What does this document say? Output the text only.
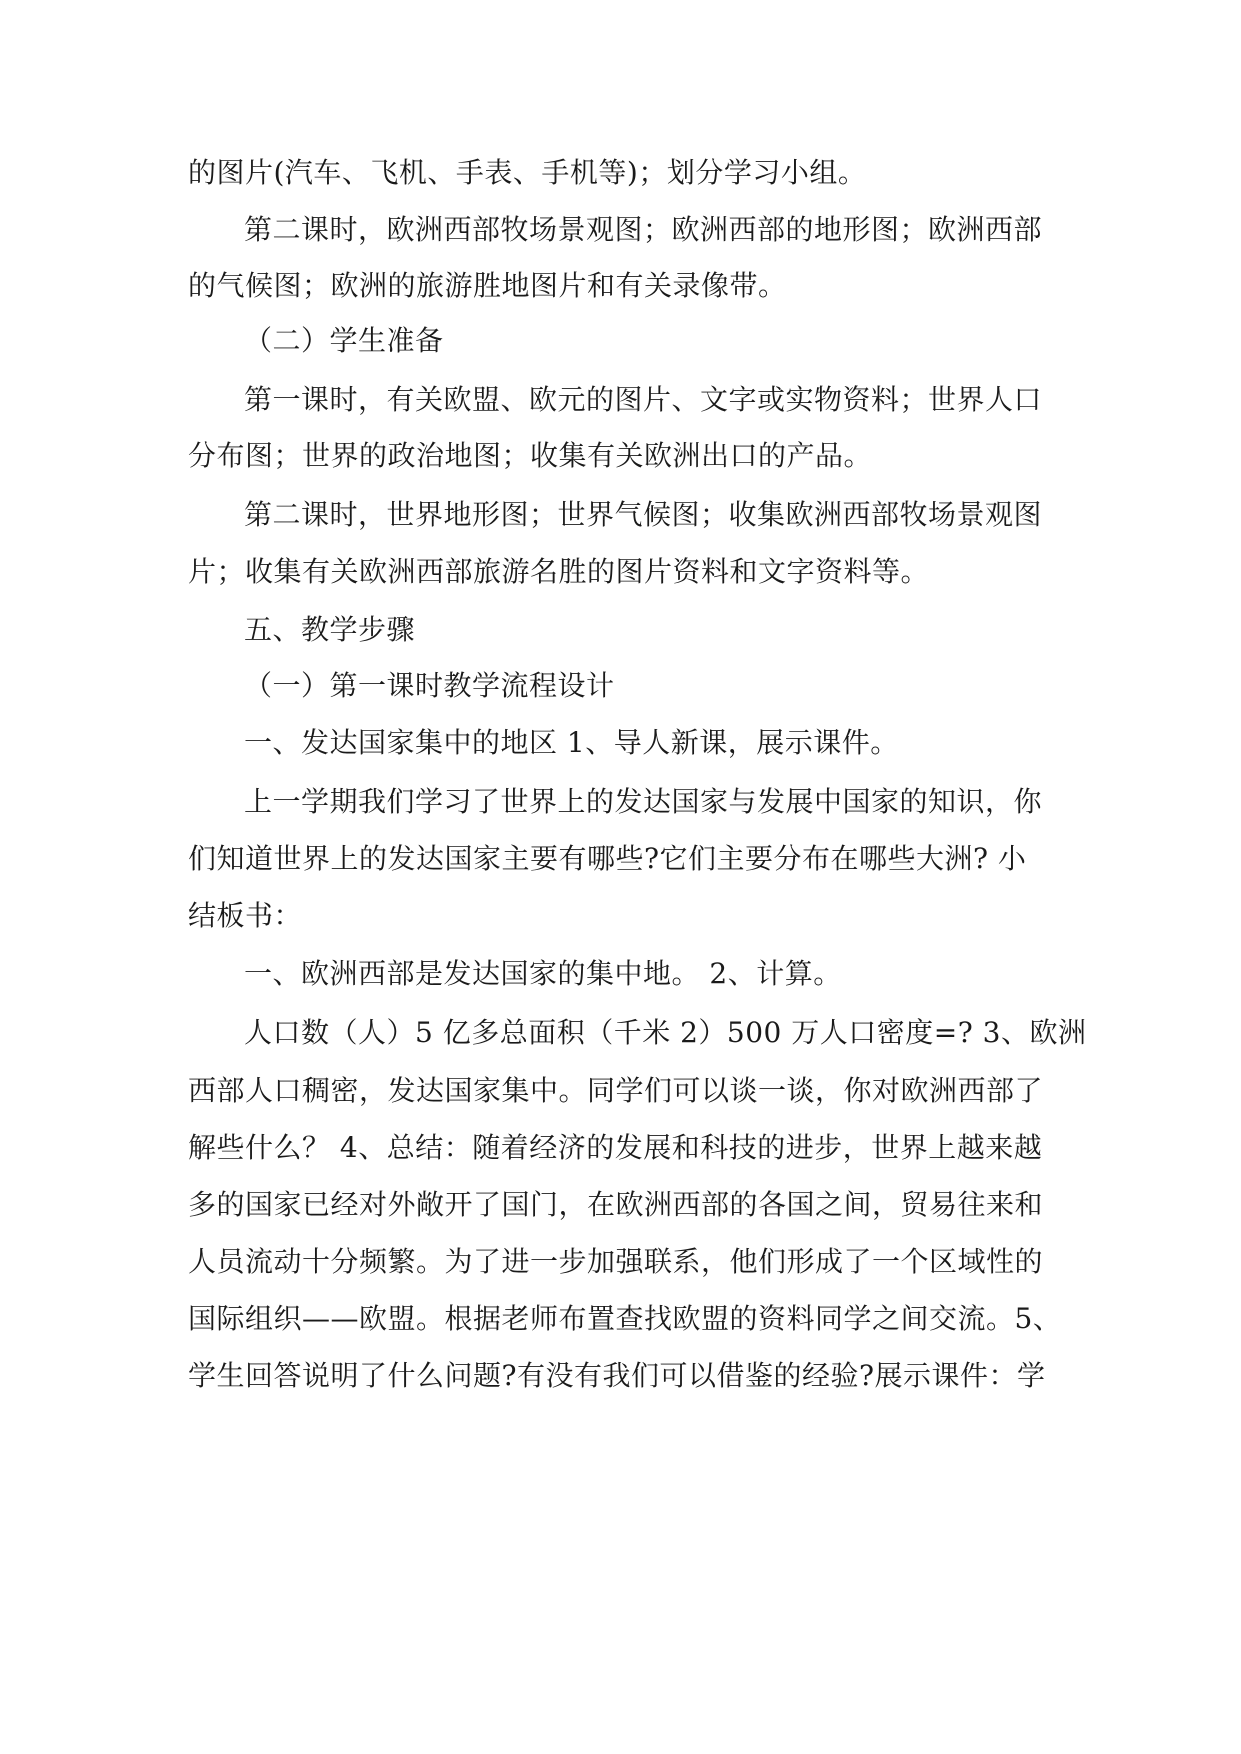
的图片(汽车、飞机、手表、手机等)；划分学习小组。
第二课时，欧洲西部牧场景观图；欧洲西部的地形图；欧洲西部
的气候图；欧洲的旅游胜地图片和有关录像带。
（二）学生准备
第一课时，有关欧盟、欧元的图片、文字或实物资料；世界人口
分布图；世界的政治地图；收集有关欧洲出口的产品。
第二课时，世界地形图；世界气候图；收集欧洲西部牧场景观图
片；收集有关欧洲西部旅游名胜的图片资料和文字资料等。
五、教学步骤
（一）第一课时教学流程设计
一、发达国家集中的地区 1、导人新课，展示课件。
上一学期我们学习了世界上的发达国家与发展中国家的知识，你
们知道世界上的发达国家主要有哪些?它们主要分布在哪些大洲? 小
结板书：
一、欧洲西部是发达国家的集中地。 2、计算。
人口数（人）5 亿多总面积（千米 2）500 万人口密度=? 3、欧洲
西部人口稠密，发达国家集中。同学们可以谈一谈，你对欧洲西部了
解些什么？ 4、总结：随着经济的发展和科技的进步，世界上越来越
多的国家已经对外敞开了国门，在欧洲西部的各国之间，贸易往来和
人员流动十分频繁。为了进一步加强联系，他们形成了一个区域性的
国际组织——欧盟。根据老师布置查找欧盟的资料同学之间交流。5、
学生回答说明了什么问题?有没有我们可以借鉴的经验?展示课件：学
